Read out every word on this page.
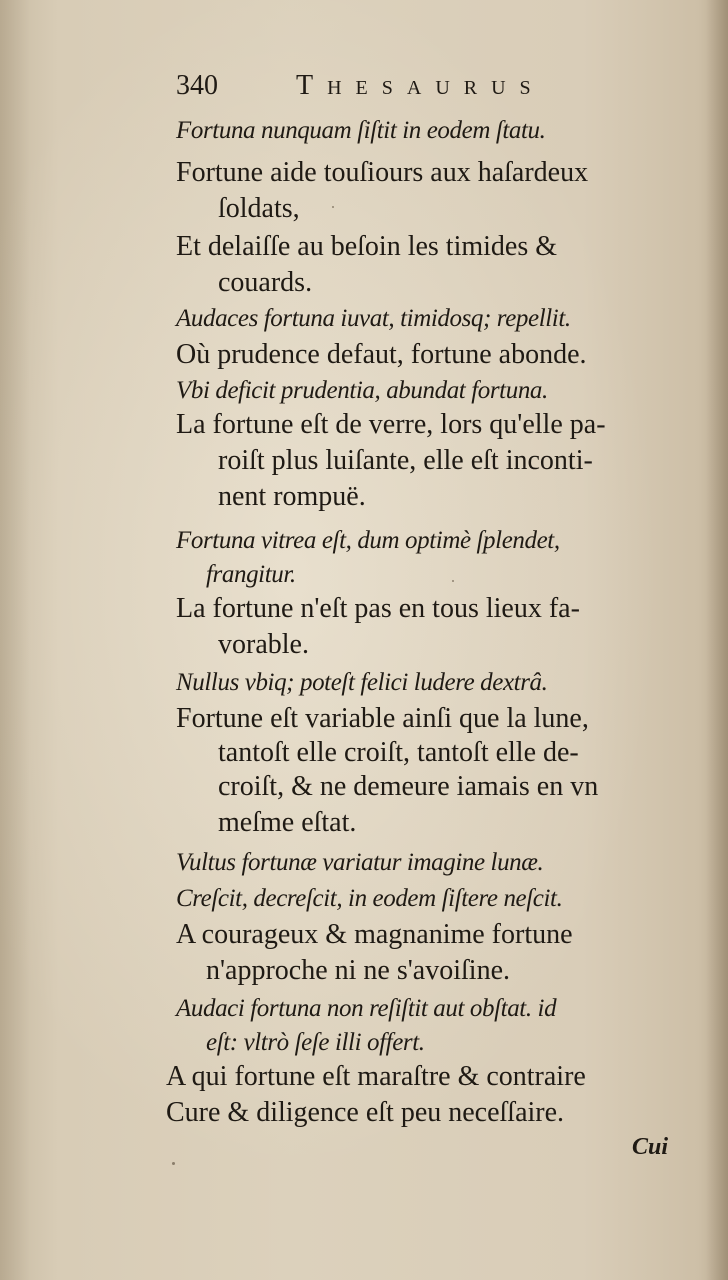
340	Thesaurus
Fortuna nunquam ſiſtit in eodem ſtatu.
Fortune aide touſiours aux haſardeux
ſoldats,
Et delaiſſe au beſoin les timides &
couards.
Audaces fortuna iuvat, timidosq; repellit.
Où prudence defaut, fortune abonde.
Vbi deficit prudentia, abundat fortuna.
La fortune eſt de verre, lors qu'elle pa-
roiſt plus luiſante, elle eſt inconti-
nent rompuë.
Fortuna vitrea eſt, dum optimè ſplendet,
frangitur.
La fortune n'eſt pas en tous lieux fa-
vorable.
Nullus vbiq; poteſt felici ludere dextrâ.
Fortune eſt variable ainſi que la lune,
tantoſt elle croiſt, tantoſt elle de-
croiſt, & ne demeure iamais en vn
meſme eſtat.
Vultus fortunæ variatur imagine lunæ.
Creſcit, decreſcit, in eodem ſiſtere neſcit.
A courageux & magnanime fortune
n'approche ni ne s'avoiſine.
Audaci fortuna non reſiſtit aut obſtat. id
eſt: vltrò ſeſe illi offert.
A qui fortune eſt maraſtre & contraire
Cure & diligence eſt peu neceſſaire.
Cui
